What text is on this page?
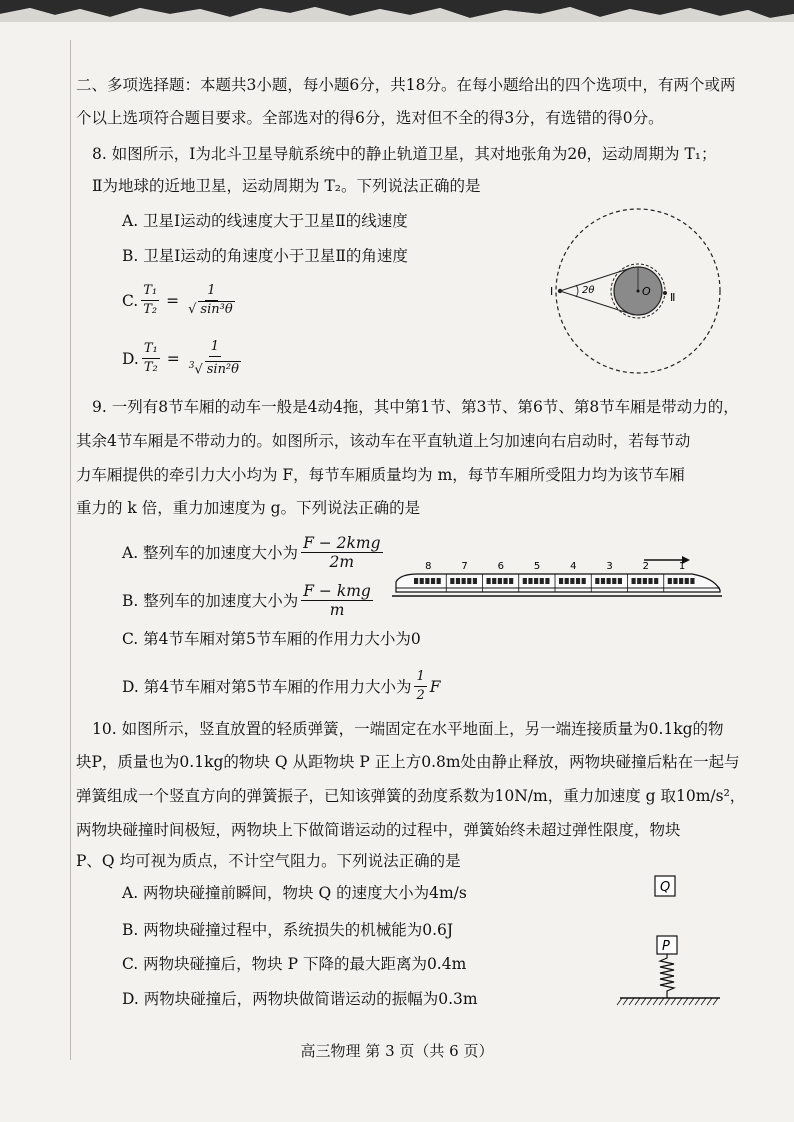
二、多项选择题：本题共3小题，每小题6分，共18分。在每小题给出的四个选项中，有两个或两
个以上选项符合题目要求。全部选对的得6分，选对但不全的得3分，有选错的得0分。
8. 如图所示，Ⅰ为北斗卫星导航系统中的静止轨道卫星，其对地张角为2θ，运动周期为 T₁；
Ⅱ为地球的近地卫星，运动周期为 T₂。下列说法正确的是
A. 卫星Ⅰ运动的线速度大于卫星Ⅱ的线速度
B. 卫星Ⅰ运动的角速度小于卫星Ⅱ的角速度
C. $\frac{\text{T₁}}{\text{T₂}} = \frac{1}{\text{√ sin³θ}}$
D. $\frac{\text{T₁}}{\text{T₂}} = \frac{1}{^3√ \sin^2\theta}$
Ⅰ	Ⅱ
O
2θ
9. 一列有8节车厢的动车一般是4动4拖，其中第1节、第3节、第6节、第8节车厢是带动力的，
其余4节车厢是不带动力的。如图所示，该动车在平直轨道上匀加速向右启动时，若每节动
力车厢提供的牵引力大小均为 F，每节车厢质量均为 m，每节车厢所受阻力均为该节车厢
重力的 k 倍，重力加速度为 g。下列说法正确的是
A. 整列车的加速度大小为 $\frac{\text{F − 2kmg}}{2m}$
B. 整列车的加速度大小为 $\frac{\text{F − kmg}}{m}$
C. 第4节车厢对第5节车厢的作用力大小为0
D. 第4节车厢对第5节车厢的作用力大小为 $\frac{1}{2}$ F
8	7	6	5	4	3	2	1
10. 如图所示，竖直放置的轻质弹簧，一端固定在水平地面上，另一端连接质量为0.1kg的物
块P，质量也为0.1kg的物块 Q 从距物块 P 正上方0.8m处由静止释放，两物块碰撞后粘在一起与
弹簧组成一个竖直方向的弹簧振子，已知该弹簧的劲度系数为10N/m，重力加速度 g 取10m/s²，
两物块碰撞时间极短，两物块上下做简谐运动的过程中，弹簧始终未超过弹性限度，物块
P、Q 均可视为质点，不计空气阻力。下列说法正确的是
A. 两物块碰撞前瞬间，物块 Q 的速度大小为4m/s
B. 两物块碰撞过程中，系统损失的机械能为0.6J
C. 两物块碰撞后，物块 P 下降的最大距离为0.4m
D. 两物块碰撞后，两物块做简谐运动的振幅为0.3m
Q
P
高三物理 第 3 页（共 6 页）
